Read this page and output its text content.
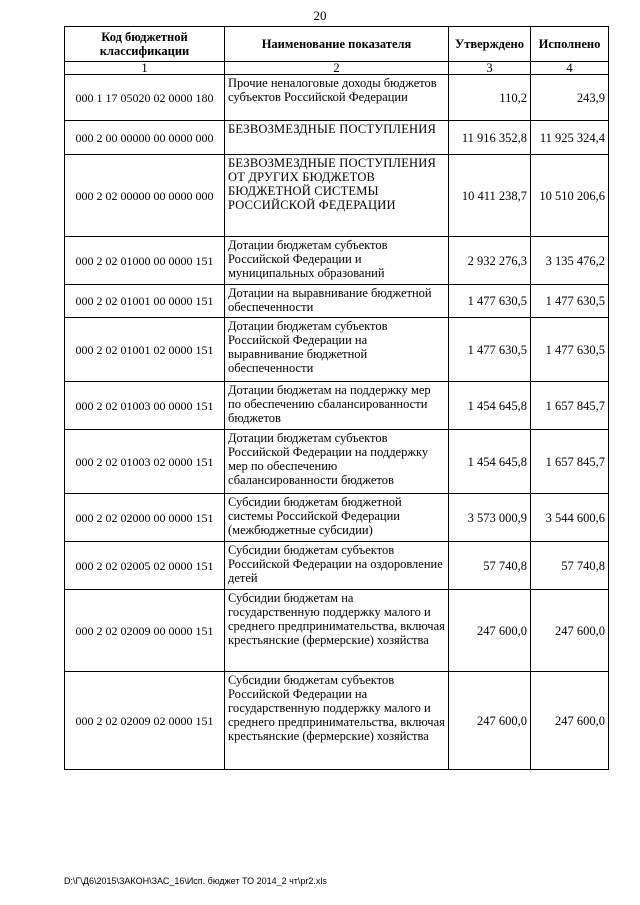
20
Код бюджетной классификации	Наименование показателя	Утверждено	Исполнено
1	2	3	4
000 1 17 05020 02 0000 180	Прочие неналоговые доходы бюджетов субъектов Российской Федерации	110,2	243,9
000 2 00 00000 00 0000 000	БЕЗВОЗМЕЗДНЫЕ ПОСТУПЛЕНИЯ	11 916 352,8	11 925 324,4
000 2 02 00000 00 0000 000	БЕЗВОЗМЕЗДНЫЕ ПОСТУПЛЕНИЯ ОТ ДРУГИХ БЮДЖЕТОВ БЮДЖЕТНОЙ СИСТЕМЫ РОССИЙСКОЙ ФЕДЕРАЦИИ	10 411 238,7	10 510 206,6
000 2 02 01000 00 0000 151	Дотации бюджетам субъектов Российской Федерации и муниципальных образований	2 932 276,3	3 135 476,2
000 2 02 01001 00 0000 151	Дотации на выравнивание бюджетной обеспеченности	1 477 630,5	1 477 630,5
000 2 02 01001 02 0000 151	Дотации бюджетам субъектов Российской Федерации на выравнивание бюджетной обеспеченности	1 477 630,5	1 477 630,5
000 2 02 01003 00 0000 151	Дотации бюджетам на поддержку мер по обеспечению сбалансированности бюджетов	1 454 645,8	1 657 845,7
000 2 02 01003 02 0000 151	Дотации бюджетам субъектов Российской Федерации на поддержку мер по обеспечению сбалансированности бюджетов	1 454 645,8	1 657 845,7
000 2 02 02000 00 0000 151	Субсидии бюджетам бюджетной системы Российской Федерации (межбюджетные субсидии)	3 573 000,9	3 544 600,6
000 2 02 02005 02 0000 151	Субсидии бюджетам субъектов Российской Федерации на оздоровление детей	57 740,8	57 740,8
000 2 02 02009 00 0000 151	Субсидии бюджетам на государственную поддержку малого и среднего предпринимательства, включая крестьянские (фермерские) хозяйства	247 600,0	247 600,0
000 2 02 02009 02 0000 151	Субсидии бюджетам субъектов Российской Федерации на государственную поддержку малого и среднего предпринимательства, включая крестьянские (фермерские) хозяйства	247 600,0	247 600,0
D:\Г\Д6\2015\ЗАКОН\ЗАС_16\Исп. бюджет ТО 2014_2 чт\pr2.xls
